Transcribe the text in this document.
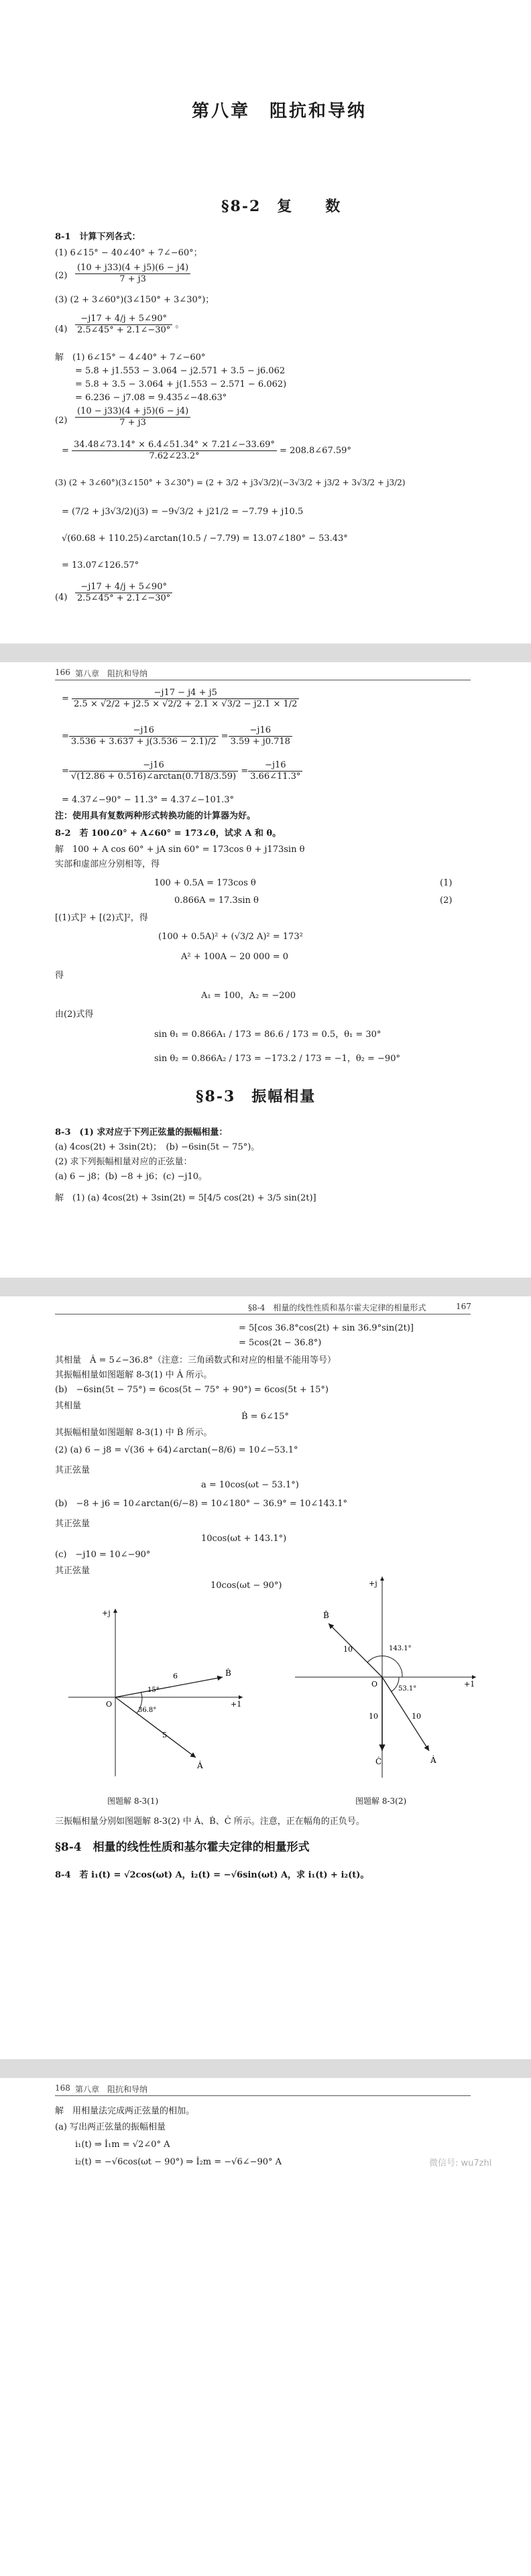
第八章　阻抗和导纳
§8-2　复　　数
8-1　计算下列各式：
(1) 6∠15° − 40∠40° + 7∠−60°；
$(2) \frac{(10 + j33)(4 + j5)(6 - j4)}{7 + j3}$
(3) (2 + 3∠60°)(3∠150° + 3∠30°)；
$(4) \frac{-j17 + 4/j + 5\angle 90^\circ}{2.5\angle 45^\circ + 2.1\angle-30^\circ}$ 。
解　(1) 6∠15° − 4∠40° + 7∠−60°
= 5.8 + j1.553 − 3.064 − j2.571 + 3.5 − j6.062
= 5.8 + 3.5 − 3.064 + j(1.553 − 2.571 − 6.062)
= 6.236 − j7.08 = 9.435∠−48.63°
$(2) \frac{(10 - j33)(4 + j5)(6 - j4)}{7 + j3}$
= $\frac{34.48\angle 73.14^\circ \times 6.4\angle 51.34^\circ \times 7.21\angle-33.69^\circ}{7.62\angle 23.2^\circ}$ = 208.8∠67.59°
(3) (2 + 3∠60°)(3∠150° + 3∠30°) = (2 + 3/2 + j3√3/2)(−3√3/2 + j3/2 + 3√3/2 + j3/2)
= (7/2 + j3√3/2)(j3) = −9√3/2 + j21/2 = −7.79 + j10.5
√(60.68 + 110.25)∠arctan(10.5 / −7.79) = 13.07∠180° − 53.43°
= 13.07∠126.57°
$(4) \frac{-j17 + 4/j + 5\angle 90^\circ}{2.5\angle 45^\circ + 2.1\angle-30^\circ}$
166 第八章　阻抗和导纳
= $\frac{-j17 - j4 + j5}{2.5 \times √2/2 + j2.5 \times √2/2 + 2.1 \times √3/2 - j2.1 \times 1/2}$
= $\frac{-j16}{3.536 + 3.637 + j(3.536 - 2.1)/2} = \frac{-j16}{3.59 + j0.718}$
= $\frac{-j16}{√(12.86 + 0.516)\angle\arctan(0.718/3.59)} = \frac{-j16}{3.66\angle 11.3^\circ}$
= 4.37∠−90° − 11.3° = 4.37∠−101.3°
注：使用具有复数两种形式转换功能的计算器为好。
8-2　若 100∠0° + A∠60° = 173∠θ，试求 A 和 θ。
解　100 + A cos 60° + jA sin 60° = 173cos θ + j173sin θ
实部和虚部应分别相等，得
100 + 0.5A = 173cos θ	(1)
0.866A = 17.3sin θ	(2)
[(1)式]² + [(2)式]²，得
(100 + 0.5A)² + (√3/2 A)² = 173²
A² + 100A − 20 000 = 0
得
A₁ = 100，A₂ = −200
由(2)式得
sin θ₁ = 0.866A₁ / 173 = 86.6 / 173 = 0.5，θ₁ = 30°
sin θ₂ = 0.866A₂ / 173 = −173.2 / 173 = −1，θ₂ = −90°
§8-3　振幅相量
8-3　(1) 求对应于下列正弦量的振幅相量：
(a) 4cos(2t) + 3sin(2t)；　(b) −6sin(5t − 75°)。
(2) 求下列振幅相量对应的正弦量：
(a) 6 − j8；(b) −8 + j6；(c) −j10。
解　(1) (a) 4cos(2t) + 3sin(2t) = 5[4/5 cos(2t) + 3/5 sin(2t)]
§8-4　相量的线性性质和基尔霍夫定律的相量形式	167
= 5[cos 36.8°cos(2t) + sin 36.9°sin(2t)]
= 5cos(2t − 36.8°)
其相量　Ȧ = 5∠−36.8°（注意：三角函数式和对应的相量不能用等号）
其振幅相量如图题解 8-3(1) 中 Ȧ 所示。
(b)　−6sin(5t − 75°) = 6cos(5t − 75° + 90°) = 6cos(5t + 15°)
其相量
Ḃ = 6∠15°
其振幅相量如图题解 8-3(1) 中 Ḃ 所示。
(2) (a) 6 − j8 = √(36 + 64)∠arctan(−8/6) = 10∠−53.1°
其正弦量
a = 10cos(ωt − 53.1°)
(b)　−8 + j6 = 10∠arctan(6/−8) = 10∠180° − 36.9° = 10∠143.1°
其正弦量
10cos(ωt + 143.1°)
(c)　−j10 = 10∠−90°
其正弦量
10cos(ωt − 90°)
+j
Ḃ
6
15°
O
36.8°
+1
5
Ȧ
图题解 8-3(1)
+j
B̂
143.1°
10
O
53.1°
+1
10	10
Ċ	Ȧ
图题解 8-3(2)
三振幅相量分别如图题解 8-3(2) 中 Ȧ、Ḃ、Ċ 所示。注意，正在幅角的正负号。
§8-4　相量的线性性质和基尔霍夫定律的相量形式
8-4　若 i₁(t) = √2cos(ωt) A，i₂(t) = −√6sin(ωt) A，求 i₁(t) + i₂(t)。
168 第八章　阻抗和导纳
解　用相量法完成两正弦量的相加。
(a) 写出两正弦量的振幅相量
i₁(t) ⇒ İ₁m = √2∠0° A
i₂(t) = −√6cos(ωt − 90°) ⇒ İ₂m = −√6∠−90° A	微信号: wu7zhl
